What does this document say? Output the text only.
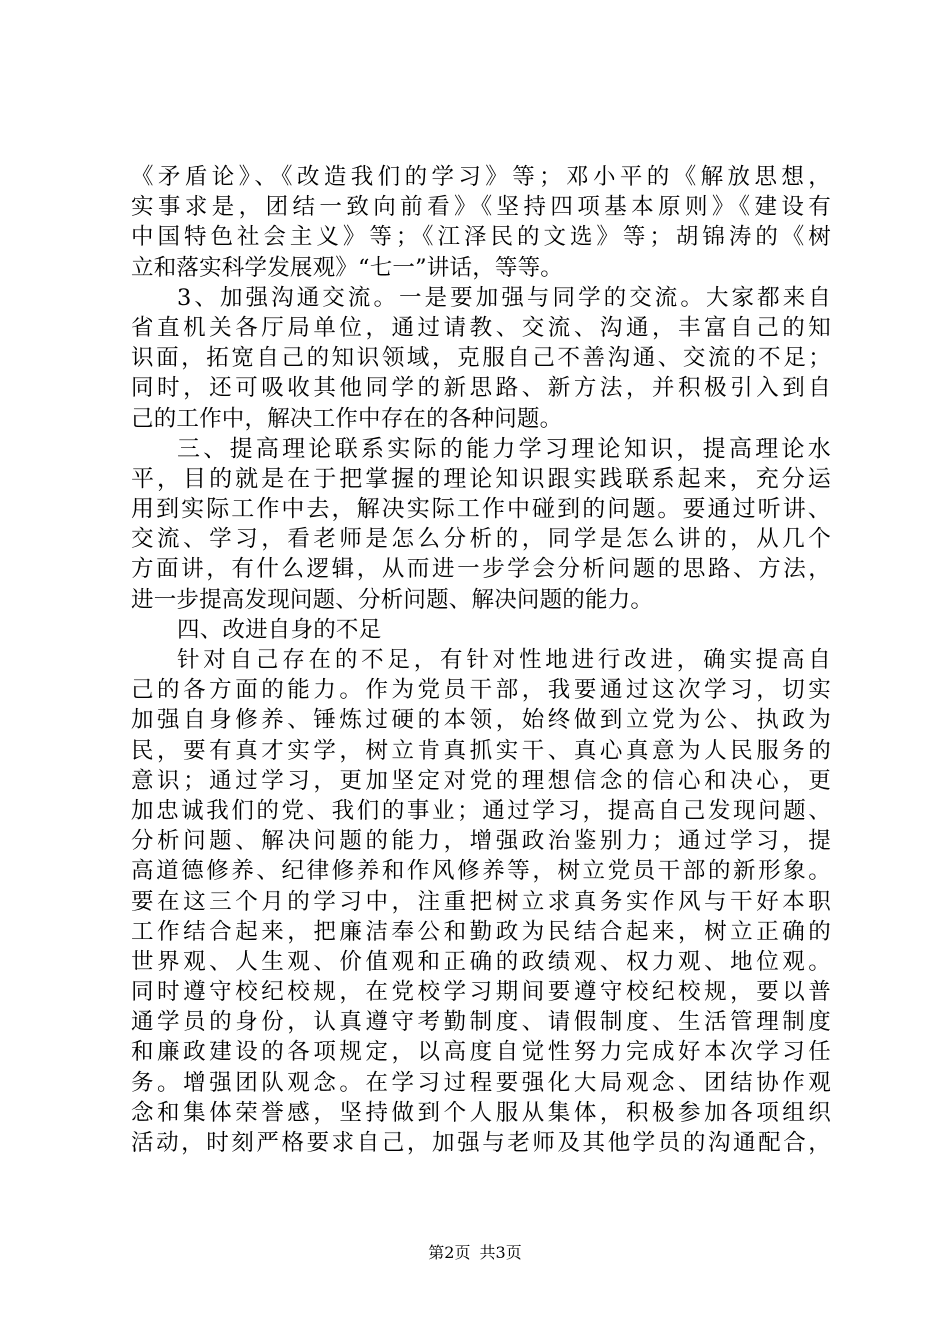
《矛盾论》、《改造我们的学习》等；邓小平的《解放思想，
实事求是，团结一致向前看》《坚持四项基本原则》《建设有
中国特色社会主义》等；《江泽民的文选》等；胡锦涛的《树
立和落实科学发展观》“七一”讲话，等等。
3、加强沟通交流。一是要加强与同学的交流。大家都来自
省直机关各厅局单位，通过请教、交流、沟通，丰富自己的知
识面，拓宽自己的知识领域，克服自己不善沟通、交流的不足；
同时，还可吸收其他同学的新思路、新方法，并积极引入到自
己的工作中，解决工作中存在的各种问题。
三、提高理论联系实际的能力学习理论知识，提高理论水
平，目的就是在于把掌握的理论知识跟实践联系起来，充分运
用到实际工作中去，解决实际工作中碰到的问题。要通过听讲、
交流、学习，看老师是怎么分析的，同学是怎么讲的，从几个
方面讲，有什么逻辑，从而进一步学会分析问题的思路、方法，
进一步提高发现问题、分析问题、解决问题的能力。
四、改进自身的不足
针对自己存在的不足，有针对性地进行改进，确实提高自
己的各方面的能力。作为党员干部，我要通过这次学习，切实
加强自身修养、锤炼过硬的本领，始终做到立党为公、执政为
民，要有真才实学，树立肯真抓实干、真心真意为人民服务的
意识；通过学习，更加坚定对党的理想信念的信心和决心，更
加忠诚我们的党、我们的事业；通过学习，提高自己发现问题、
分析问题、解决问题的能力，增强政治鉴别力；通过学习，提
高道德修养、纪律修养和作风修养等，树立党员干部的新形象。
要在这三个月的学习中，注重把树立求真务实作风与干好本职
工作结合起来，把廉洁奉公和勤政为民结合起来，树立正确的
世界观、人生观、价值观和正确的政绩观、权力观、地位观。
同时遵守校纪校规，在党校学习期间要遵守校纪校规，要以普
通学员的身份，认真遵守考勤制度、请假制度、生活管理制度
和廉政建设的各项规定，以高度自觉性努力完成好本次学习任
务。增强团队观念。在学习过程要强化大局观念、团结协作观
念和集体荣誉感，坚持做到个人服从集体，积极参加各项组织
活动，时刻严格要求自己，加强与老师及其他学员的沟通配合，
第2页 共3页
